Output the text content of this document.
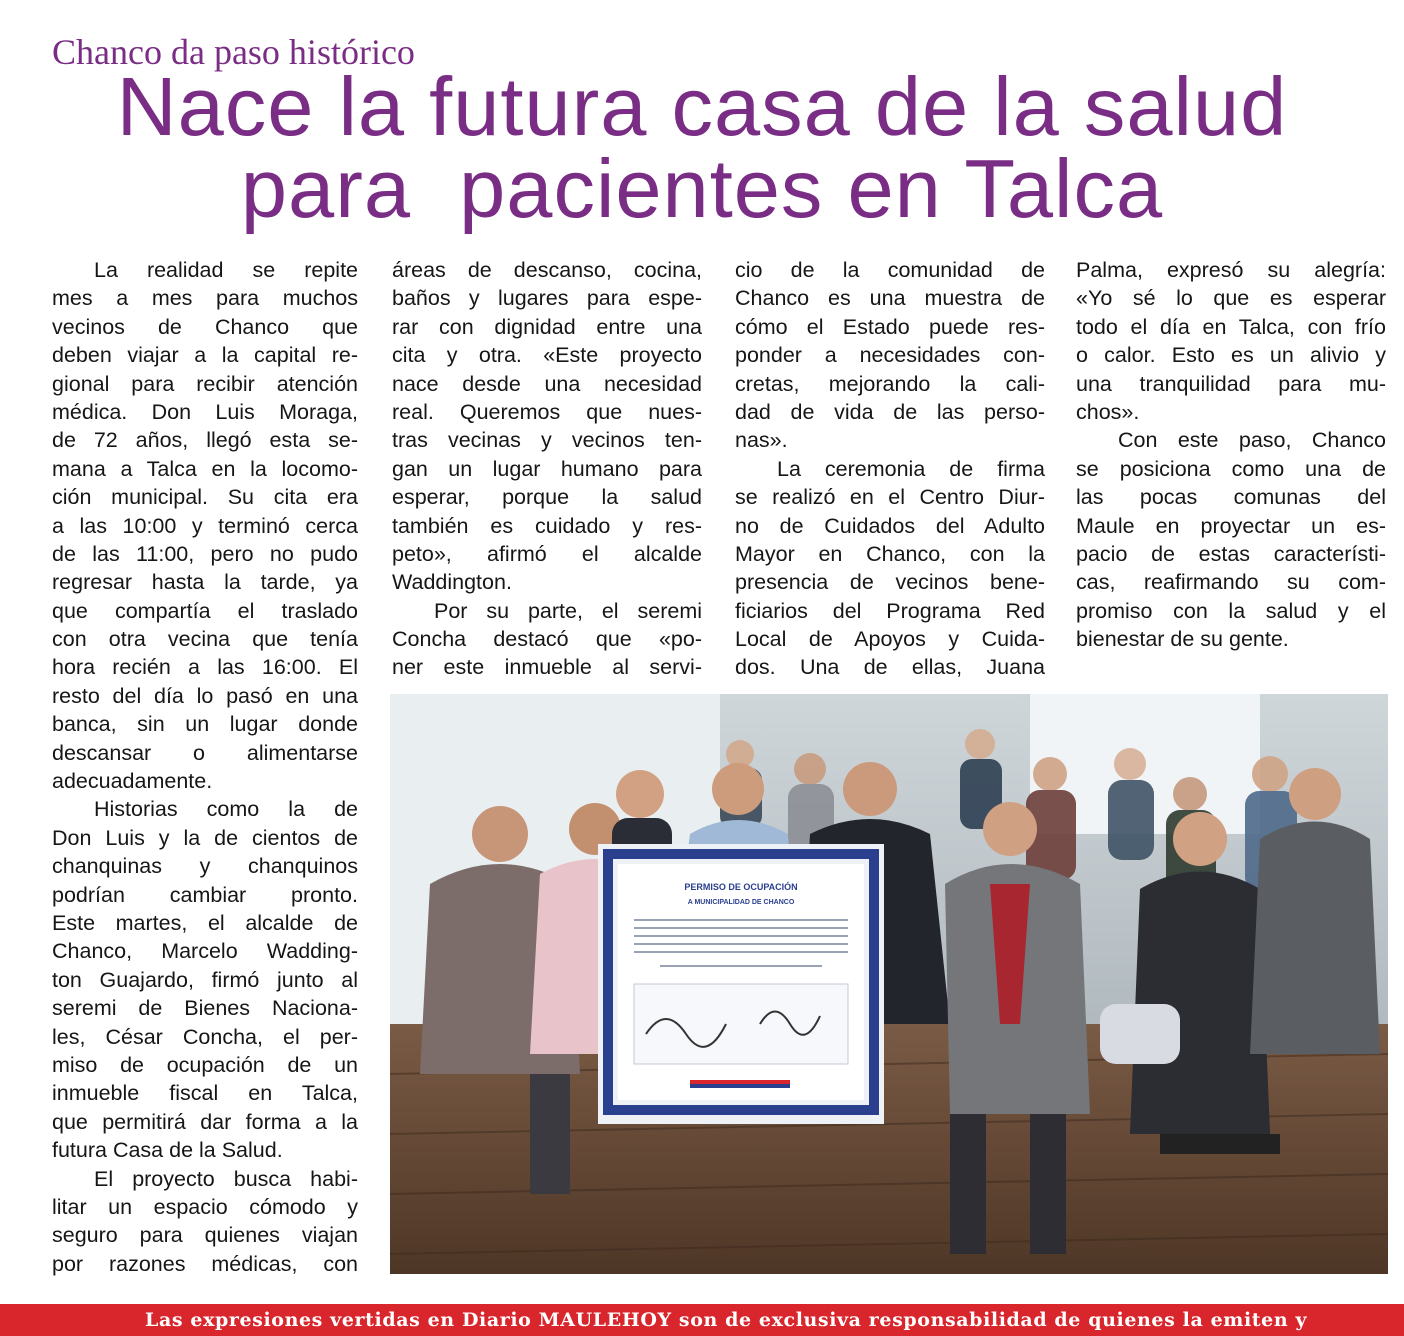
Chanco da paso histórico
Nace la futura casa de la salud
para  pacientes en Talca
La realidad se repite
mes a mes para muchos
vecinos de Chanco que
deben viajar a la capital re-
gional para recibir atención
médica. Don Luis Moraga,
de 72 años, llegó esta se-
mana a Talca en la locomo-
ción municipal. Su cita era
a las 10:00 y terminó cerca
de las 11:00, pero no pudo
regresar hasta la tarde, ya
que compartía el traslado
con otra vecina que tenía
hora recién a las 16:00. El
resto del día lo pasó en una
banca, sin un lugar donde
descansar o alimentarse
adecuadamente.
Historias como la de
Don Luis y la de cientos de
chanquinas y chanquinos
podrían cambiar pronto.
Este martes, el alcalde de
Chanco, Marcelo Wadding-
ton Guajardo, firmó junto al
seremi de Bienes Naciona-
les, César Concha, el per-
miso de ocupación de un
inmueble fiscal en Talca,
que permitirá dar forma a la
futura Casa de la Salud.
El proyecto busca habi-
litar un espacio cómodo y
seguro para quienes viajan
por razones médicas, con
áreas de descanso, cocina,
baños y lugares para espe-
rar con dignidad entre una
cita y otra. «Este proyecto
nace desde una necesidad
real. Queremos que nues-
tras vecinas y vecinos ten-
gan un lugar humano para
esperar, porque la salud
también es cuidado y res-
peto», afirmó el alcalde
Waddington.
Por su parte, el seremi
Concha destacó que «po-
ner este inmueble al servi-
cio de la comunidad de
Chanco es una muestra de
cómo el Estado puede res-
ponder a necesidades con-
cretas, mejorando la cali-
dad de vida de las perso-
nas».
La ceremonia de firma
se realizó en el Centro Diur-
no de Cuidados del Adulto
Mayor en Chanco, con la
presencia de vecinos bene-
ficiarios del Programa Red
Local de Apoyos y Cuida-
dos. Una de ellas, Juana
Palma, expresó su alegría:
«Yo sé lo que es esperar
todo el día en Talca, con frío
o calor. Esto es un alivio y
una tranquilidad para mu-
chos».
Con este paso, Chanco
se posiciona como una de
las pocas comunas del
Maule en proyectar un es-
pacio de estas característi-
cas, reafirmando su com-
promiso con la salud y el
bienestar de su gente.
PERMISO DE OCUPACIÓN
A MUNICIPALIDAD DE CHANCO
Las expresiones vertidas en Diario MAULEHOY son de exclusiva responsabilidad de quienes la emiten y
